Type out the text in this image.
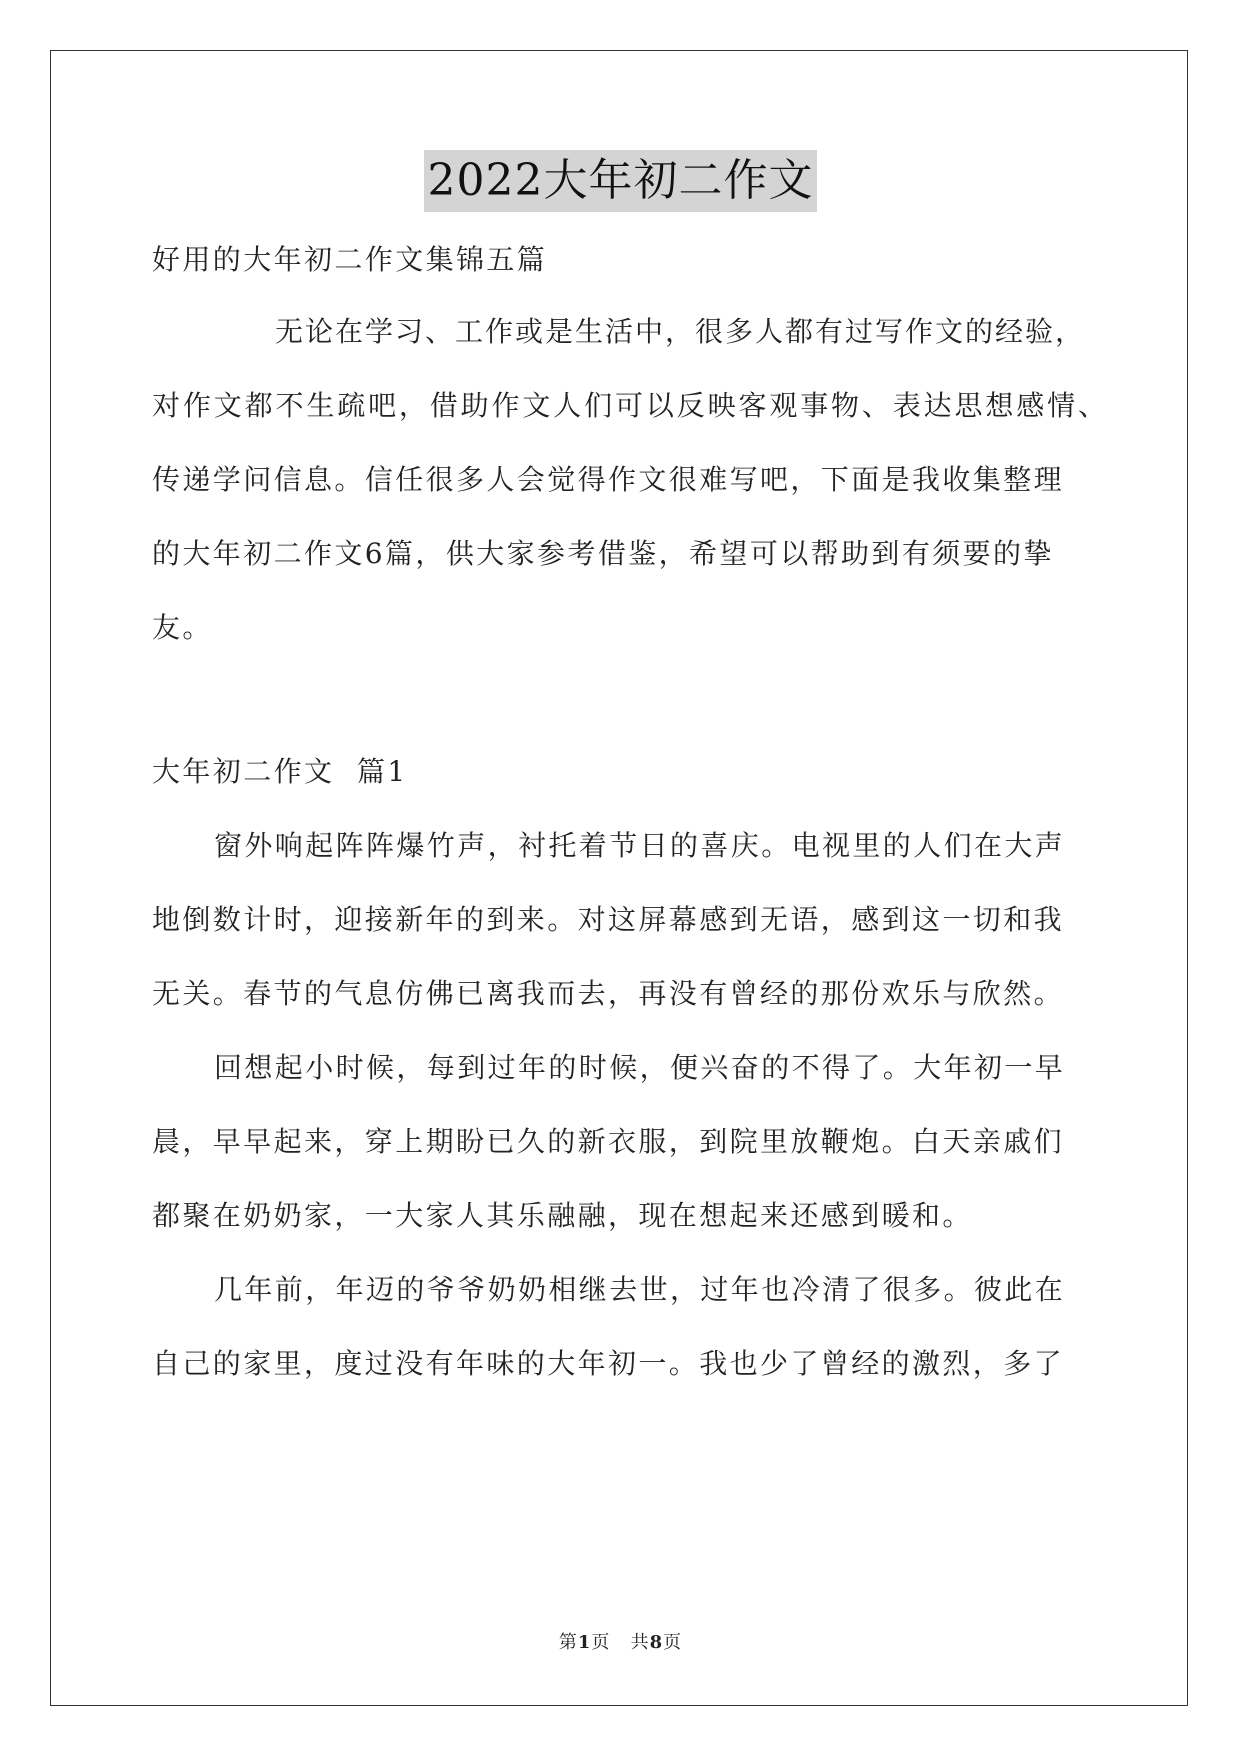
2022大年初二作文
好用的大年初二作文集锦五篇
无论在学习、工作或是生活中，很多人都有过写作文的经验，
对作文都不生疏吧，借助作文人们可以反映客观事物、表达思想感情、
传递学问信息。信任很多人会觉得作文很难写吧，下面是我收集整理
的大年初二作文6篇，供大家参考借鉴，希望可以帮助到有须要的挚
友。
大年初二作文  篇1
窗外响起阵阵爆竹声，衬托着节日的喜庆。电视里的人们在大声
地倒数计时，迎接新年的到来。对这屏幕感到无语，感到这一切和我
无关。春节的气息仿佛已离我而去，再没有曾经的那份欢乐与欣然。
回想起小时候，每到过年的时候，便兴奋的不得了。大年初一早
晨，早早起来，穿上期盼已久的新衣服，到院里放鞭炮。白天亲戚们
都聚在奶奶家，一大家人其乐融融，现在想起来还感到暖和。
几年前，年迈的爷爷奶奶相继去世，过年也冷清了很多。彼此在
自己的家里，度过没有年味的大年初一。我也少了曾经的激烈，多了
第1页   共8页
